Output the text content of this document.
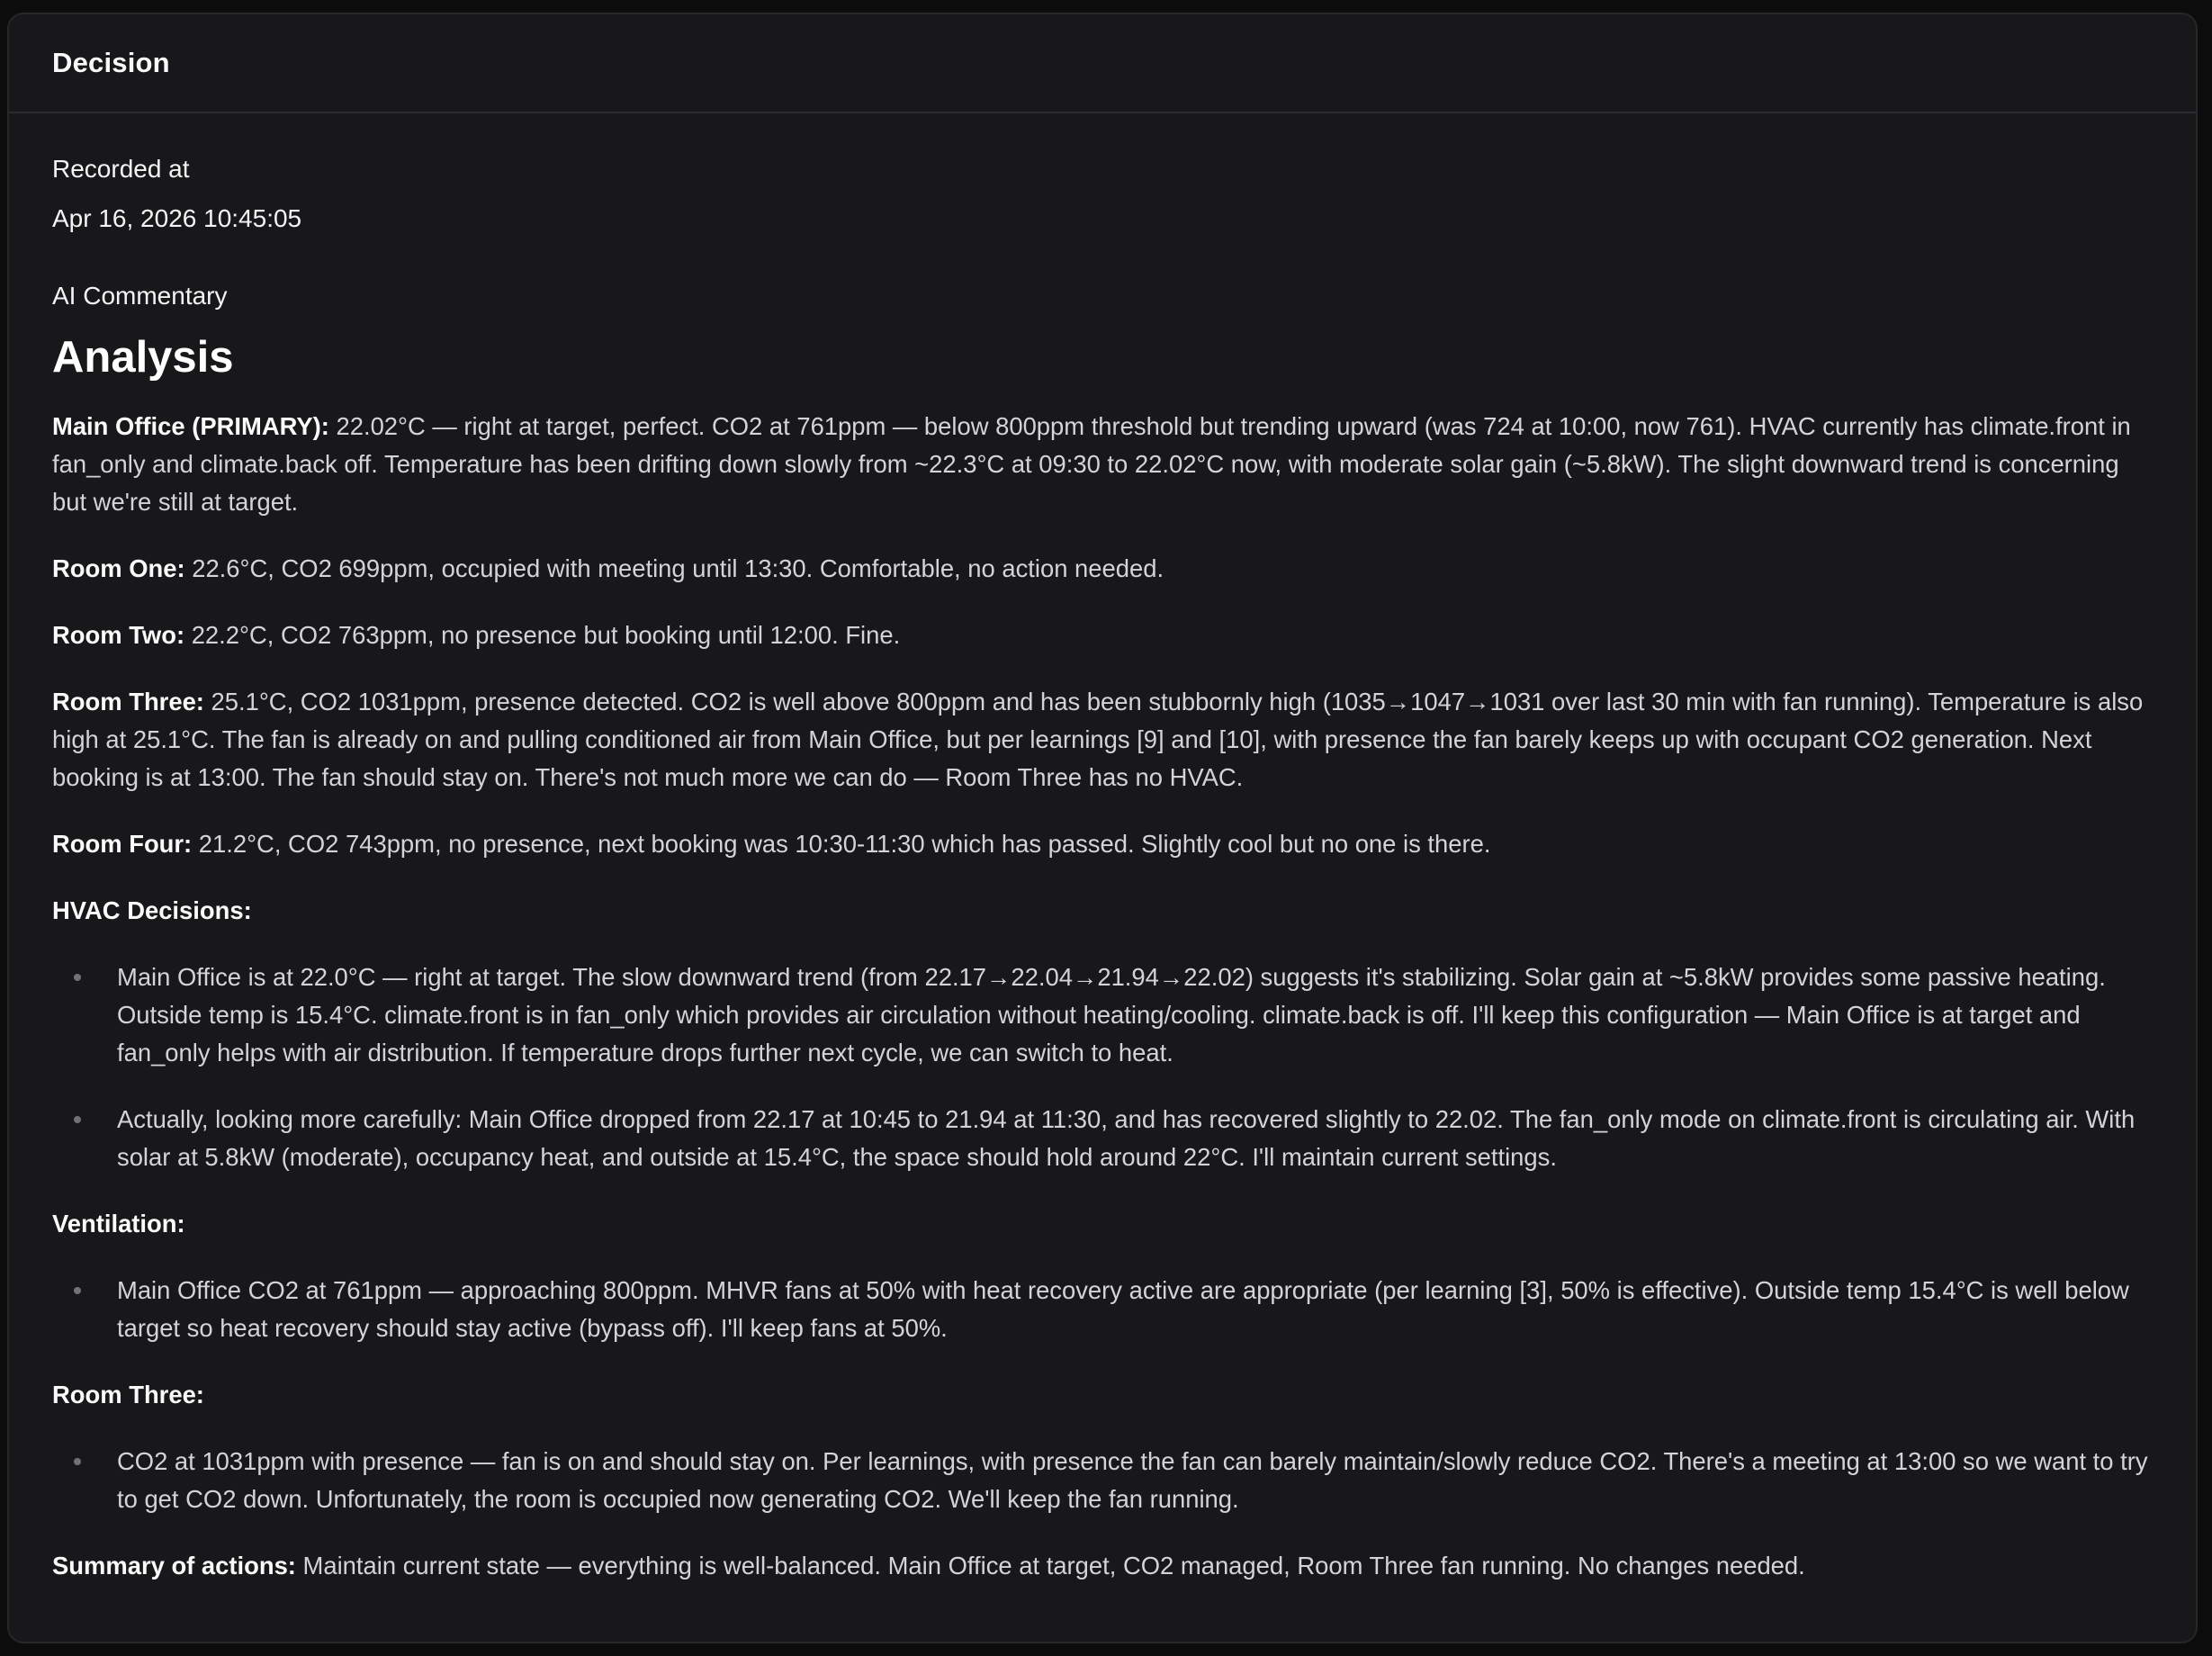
Decision
Recorded at
Apr 16, 2026 10:45:05
AI Commentary
Analysis

Main Office (PRIMARY): 22.02°C — right at target, perfect. CO2 at 761ppm — below 800ppm threshold but trending upward (was 724 at 10:00, now 761). HVAC currently has climate.front in fan_only and climate.back off. Temperature has been drifting down slowly from ~22.3°C at 09:30 to 22.02°C now, with moderate solar gain (~5.8kW). The slight downward trend is concerning but we're still at target.

Room One: 22.6°C, CO2 699ppm, occupied with meeting until 13:30. Comfortable, no action needed.

Room Two: 22.2°C, CO2 763ppm, no presence but booking until 12:00. Fine.

Room Three: 25.1°C, CO2 1031ppm, presence detected. CO2 is well above 800ppm and has been stubbornly high (1035→1047→1031 over last 30 min with fan running). Temperature is also high at 25.1°C. The fan is already on and pulling conditioned air from Main Office, but per learnings [9] and [10], with presence the fan barely keeps up with occupant CO2 generation. Next booking is at 13:00. The fan should stay on. There's not much more we can do — Room Three has no HVAC.

Room Four: 21.2°C, CO2 743ppm, no presence, next booking was 10:30-11:30 which has passed. Slightly cool but no one is there.

HVAC Decisions:

Main Office is at 22.0°C — right at target. The slow downward trend (from 22.17→22.04→21.94→22.02) suggests it's stabilizing. Solar gain at ~5.8kW provides some passive heating. Outside temp is 15.4°C. climate.front is in fan_only which provides air circulation without heating/cooling. climate.back is off. I'll keep this configuration — Main Office is at target and fan_only helps with air distribution. If temperature drops further next cycle, we can switch to heat.
Actually, looking more carefully: Main Office dropped from 22.17 at 10:45 to 21.94 at 11:30, and has recovered slightly to 22.02. The fan_only mode on climate.front is circulating air. With solar at 5.8kW (moderate), occupancy heat, and outside at 15.4°C, the space should hold around 22°C. I'll maintain current settings.

Ventilation:

Main Office CO2 at 761ppm — approaching 800ppm. MHVR fans at 50% with heat recovery active are appropriate (per learning [3], 50% is effective). Outside temp 15.4°C is well below target so heat recovery should stay active (bypass off). I'll keep fans at 50%.

Room Three:

CO2 at 1031ppm with presence — fan is on and should stay on. Per learnings, with presence the fan can barely maintain/slowly reduce CO2. There's a meeting at 13:00 so we want to try to get CO2 down. Unfortunately, the room is occupied now generating CO2. We'll keep the fan running.

Summary of actions: Maintain current state — everything is well-balanced. Main Office at target, CO2 managed, Room Three fan running. No changes needed.
